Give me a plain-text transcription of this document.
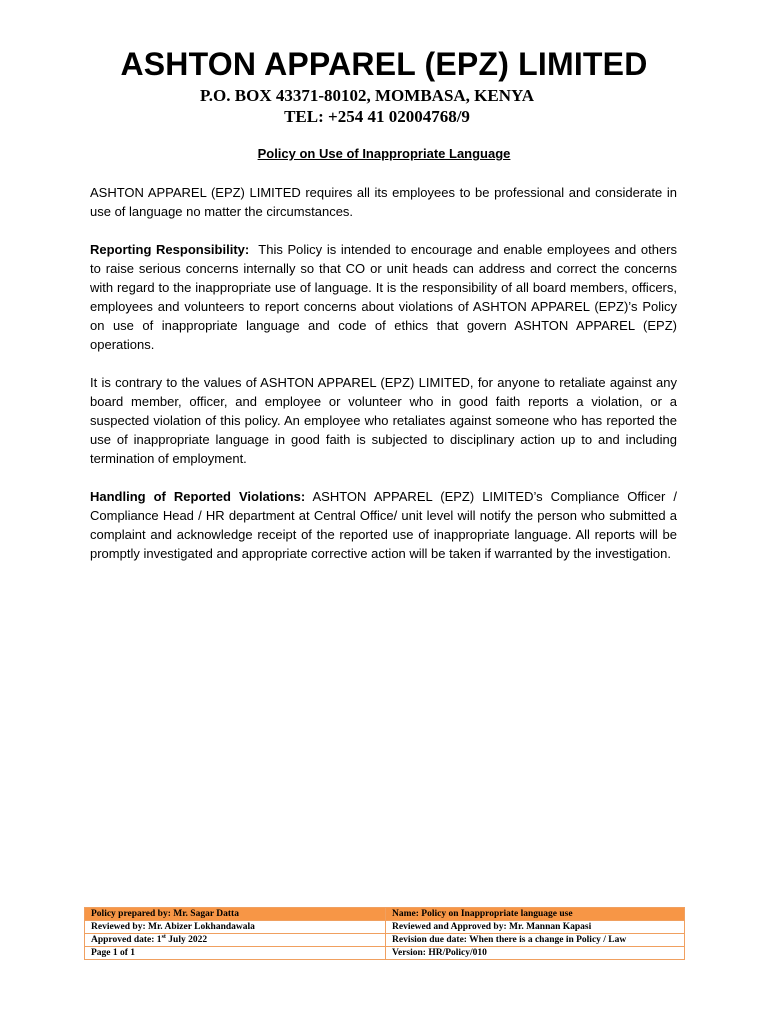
ASHTON APPAREL (EPZ) LIMITED
P.O. BOX 43371-80102, MOMBASA, KENYA
TEL: +254 41 02004768/9
Policy on Use of Inappropriate Language

ASHTON APPAREL (EPZ) LIMITED requires all its employees to be professional and considerate in use of language no matter the circumstances.

Reporting Responsibility: This Policy is intended to encourage and enable employees and others to raise serious concerns internally so that CO or unit heads can address and correct the concerns with regard to the inappropriate use of language. It is the responsibility of all board members, officers, employees and volunteers to report concerns about violations of ASHTON APPAREL (EPZ)’s Policy on use of inappropriate language and code of ethics that govern ASHTON APPAREL (EPZ) operations.

It is contrary to the values of ASHTON APPAREL (EPZ) LIMITED, for anyone to retaliate against any board member, officer, and employee or volunteer who in good faith reports a violation, or a suspected violation of this policy. An employee who retaliates against someone who has reported the use of inappropriate language in good faith is subjected to disciplinary action up to and including termination of employment.

Handling of Reported Violations: ASHTON APPAREL (EPZ) LIMITED’s Compliance Officer / Compliance Head / HR department at Central Office/ unit level will notify the person who submitted a complaint and acknowledge receipt of the reported use of inappropriate language. All reports will be promptly investigated and appropriate corrective action will be taken if warranted by the investigation.

Policy prepared by: Mr. Sagar Datta	Name: Policy on Inappropriate language use
Reviewed by: Mr. Abizer Lokhandawala	Reviewed and Approved by: Mr. Mannan Kapasi
Approved date: 1st July 2022	Revision due date: When there is a change in Policy / Law
Page 1 of 1	Version: HR/Policy/010
